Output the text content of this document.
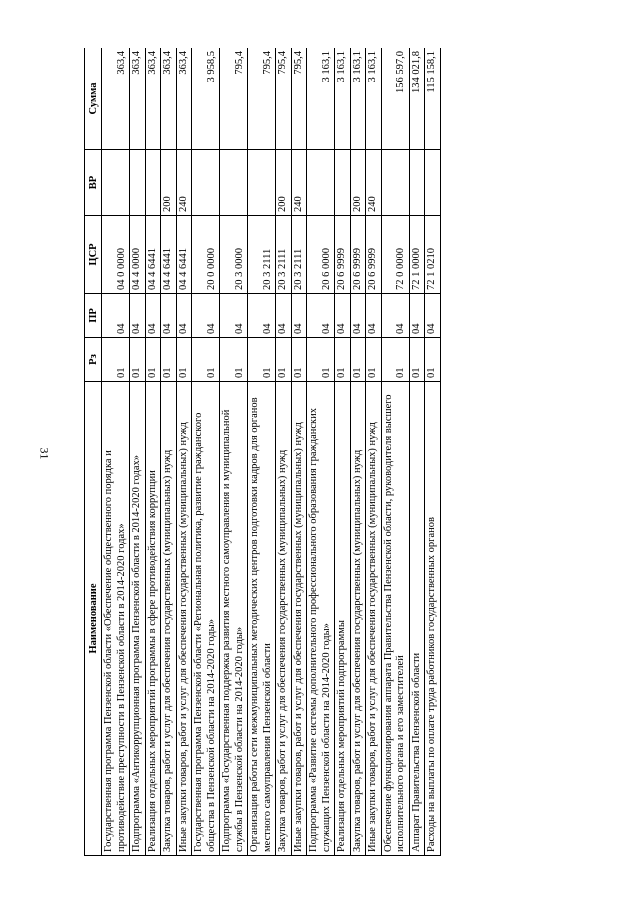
31
Наименование	Рз	ПР	ЦСР	ВР	Сумма
Государственная программа Пензенской области «Обеспечение общественного порядка и противодействие преступности в Пензенской области в 2014-2020 годах»	01	04	04 0 0000		363,4
Подпрограмма «Антикоррупционная программа Пензенской области в 2014-2020 годах»	01	04	04 4 0000		363,4
Реализация отдельных мероприятий программы в сфере противодействия коррупции	01	04	04 4 6441		363,4
Закупка товаров, работ и услуг для обеспечения государственных (муниципальных) нужд	01	04	04 4 6441	200	363,4
Иные закупки товаров, работ и услуг для обеспечения государственных (муниципальных) нужд	01	04	04 4 6441	240	363,4
Государственная программа Пензенской области «Региональная политика, развитие гражданского общества в Пензенской области на 2014-2020 годы»	01	04	20 0 0000		3 958,5
Подпрограмма «Государственная поддержка развития местного самоуправления и муниципальной службы в Пензенской области на 2014-2020 годы»	01	04	20 3 0000		795,4
Организация работы сети межмуниципальных методических центров подготовки кадров для органов местного самоуправления Пензенской области	01	04	20 3 2111		795,4
Закупка товаров, работ и услуг для обеспечения государственных (муниципальных) нужд	01	04	20 3 2111	200	795,4
Иные закупки товаров, работ и услуг для обеспечения государственных (муниципальных) нужд	01	04	20 3 2111	240	795,4
Подпрограмма «Развитие системы дополнительного профессионального образования гражданских служащих Пензенской области на 2014-2020 годы»	01	04	20 6 0000		3 163,1
Реализация отдельных мероприятий подпрограммы	01	04	20 6 9999		3 163,1
Закупка товаров, работ и услуг для обеспечения государственных (муниципальных) нужд	01	04	20 6 9999	200	3 163,1
Иные закупки товаров, работ и услуг для обеспечения государственных (муниципальных) нужд	01	04	20 6 9999	240	3 163,1
Обеспечение функционирования аппарата Правительства Пензенской области, руководителя высшего исполнительного органа и его заместителей	01	04	72 0 0000		156 597,0
Аппарат Правительства Пензенской области	01	04	72 1 0000		134 021,8
Расходы на выплаты по оплате труда работников государственных органов	01	04	72 1 0210		115 158,1
